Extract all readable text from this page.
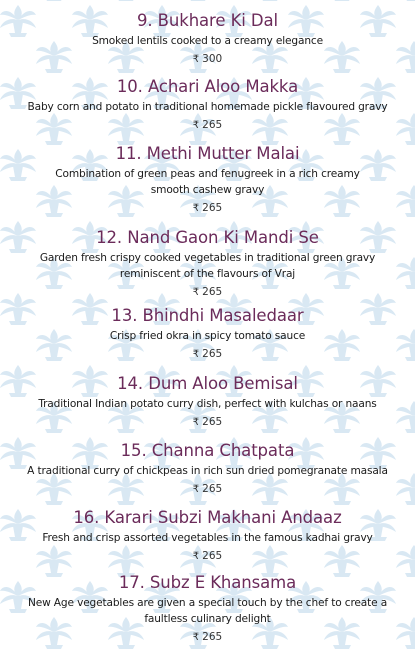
9. Bukhare Ki Dal
Smoked lentils cooked to a creamy elegance
₹ 300
10. Achari Aloo Makka
Baby corn and potato in traditional homemade pickle flavoured gravy
₹ 265
11. Methi Mutter Malai
Combination of green peas and fenugreek in a rich creamy smooth cashew gravy
₹ 265
12. Nand Gaon Ki Mandi Se
Garden fresh crispy cooked vegetables in traditional green gravy reminiscent of the flavours of Vraj
₹ 265
13. Bhindhi Masaledaar
Crisp fried okra in spicy tomato sauce
₹ 265
14. Dum Aloo Bemisal
Traditional Indian potato curry dish, perfect with kulchas or naans
₹ 265
15. Channa Chatpata
A traditional curry of chickpeas in rich sun dried pomegranate masala
₹ 265
16. Karari Subzi Makhani Andaaz
Fresh and crisp assorted vegetables in the famous kadhai gravy
₹ 265
17. Subz E Khansama
New Age vegetables are given a special touch by the chef to create a faultless culinary delight
₹ 265
